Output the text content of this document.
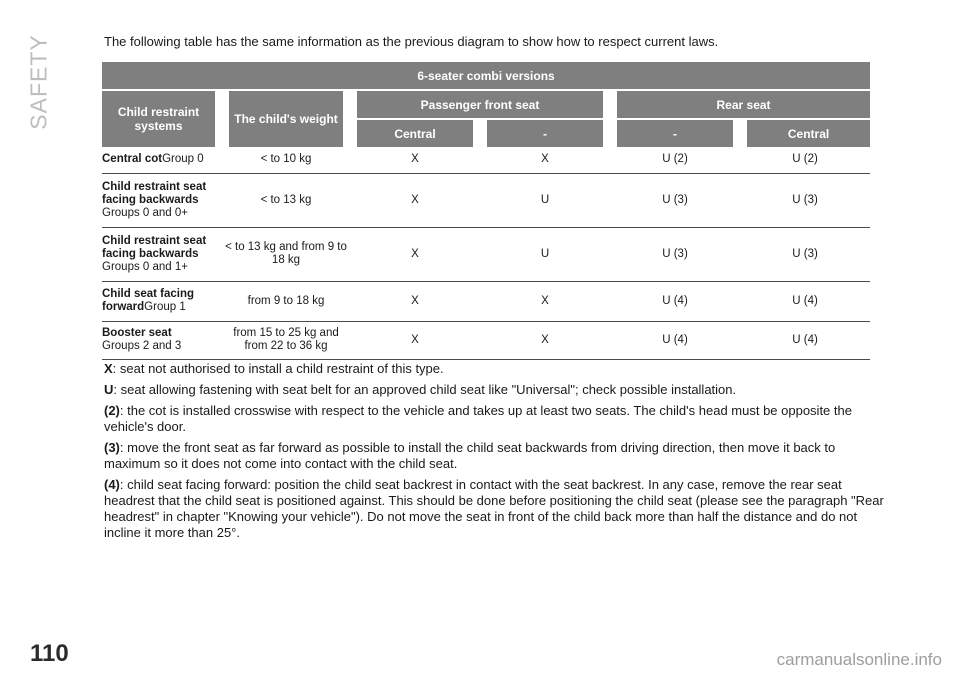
SAFETY	The following table has the same information as the previous diagram to show how to respect current laws.
6-seater combi versions					
Child restraint systems	The child's weight	Passenger front seat		Rear seat	
		Central	-	-	Central
Central cotGroup 0	< to 10 kg	X	X	U (2)	U (2)
Child restraint seat facing backwards
Groups 0 and 0+	< to 13 kg	X	U	U (3)	U (3)
Child restraint seat facing backwards
Groups 0 and 1+	< to 13 kg and from 9 to 18 kg	X	U	U (3)	U (3)
Child seat facing forwardGroup 1	from 9 to 18 kg	X	X	U (4)	U (4)
Booster seat
Groups 2 and 3	from 15 to 25 kg and from 22 to 36 kg	X	X	U (4)	U (4)

X: seat not authorised to install a child restraint of this type.

U: seat allowing fastening with seat belt for an approved child seat like "Universal"; check possible installation.

(2): the cot is installed crosswise with respect to the vehicle and takes up at least two seats. The child's head must be opposite the vehicle's door.

(3): move the front seat as far forward as possible to install the child seat backwards from driving direction, then move it back to maximum so it does not come into contact with the child seat.

(4): child seat facing forward: position the child seat backrest in contact with the seat backrest. In any case, remove the rear seat headrest that the child seat is positioned against. This should be done before positioning the child seat (please see the paragraph "Rear headrest" in chapter "Knowing your vehicle"). Do not move the seat in front of the child back more than half the distance and do not incline it more than 25°.

110	carmanualsonline.info
